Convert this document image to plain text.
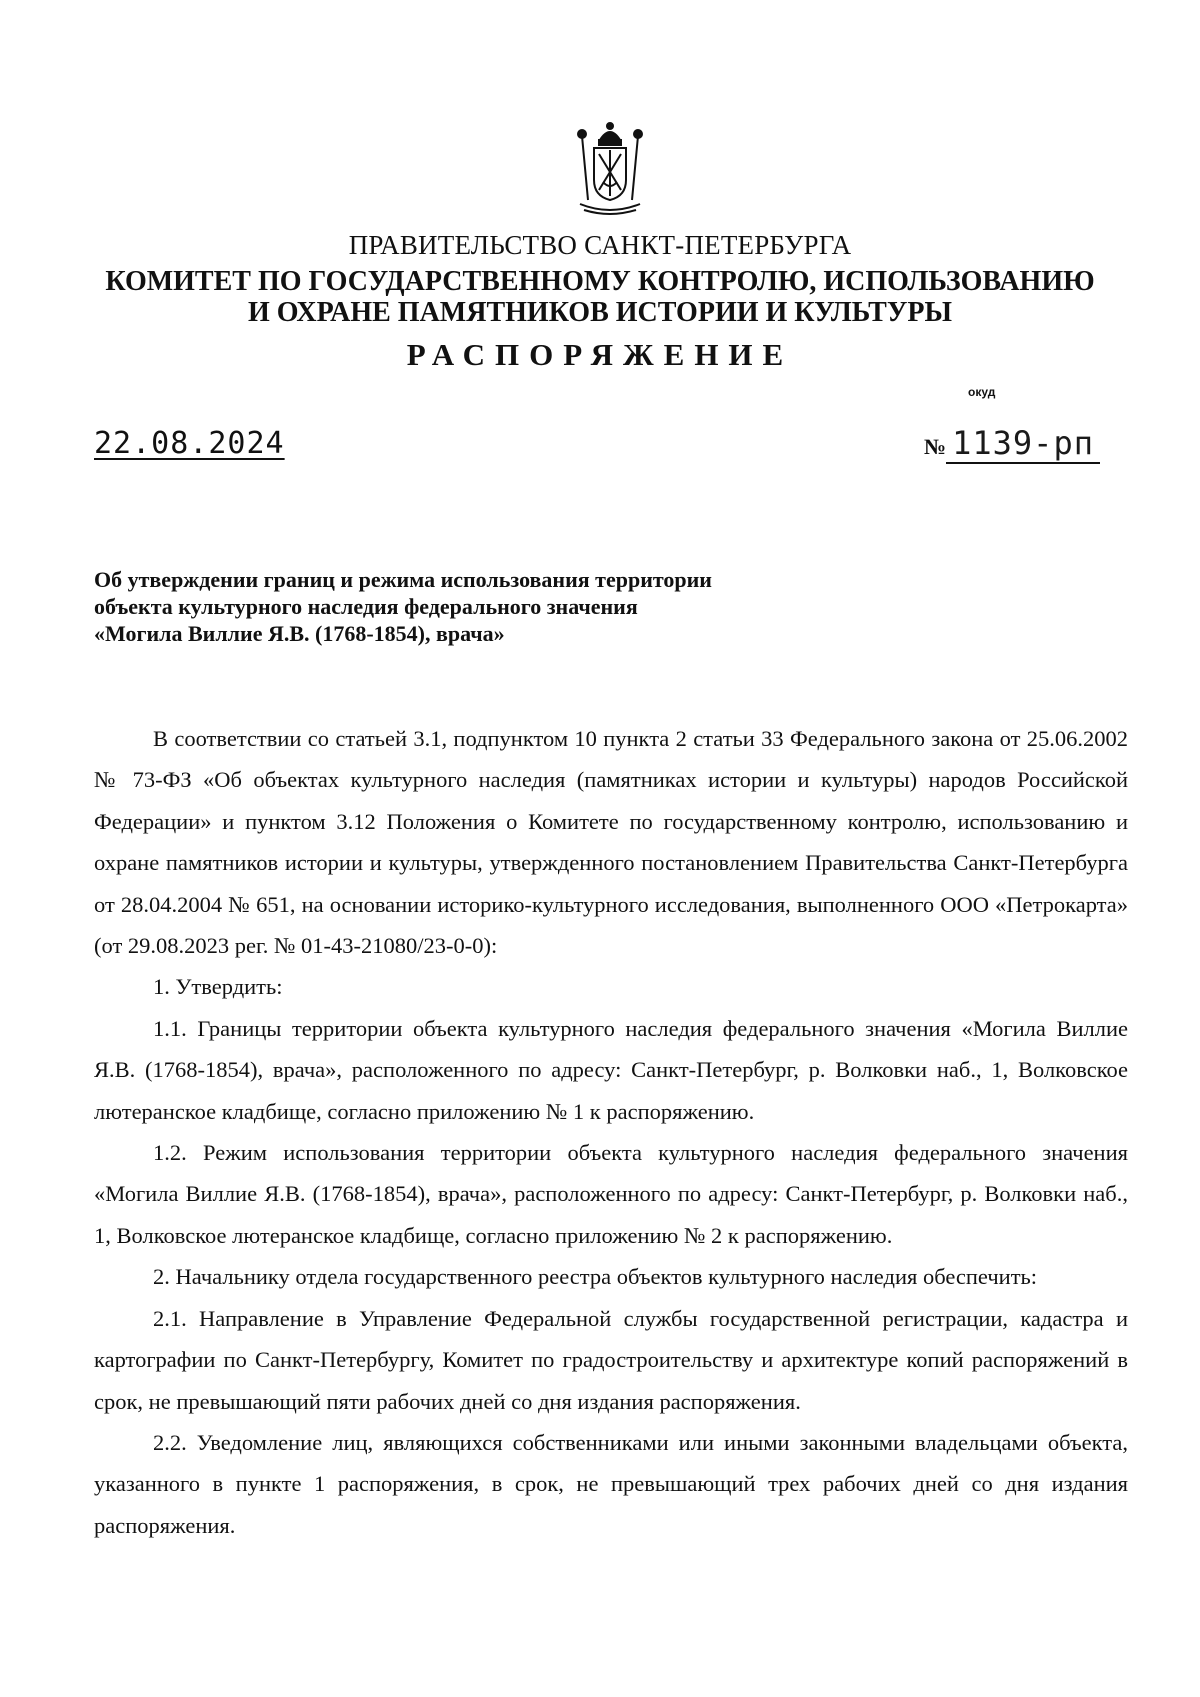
ПРАВИТЕЛЬСТВО САНКТ-ПЕТЕРБУРГА
КОМИТЕТ ПО ГОСУДАРСТВЕННОМУ КОНТРОЛЮ, ИСПОЛЬЗОВАНИЮ
И ОХРАНЕ ПАМЯТНИКОВ ИСТОРИИ И КУЛЬТУРЫ
РАСПОРЯЖЕНИЕ
окуд
22.08.2024	№ 1139-рп
Об утверждении границ и режима использования территории
объекта культурного наследия федерального значения
«Могила Виллие Я.В. (1768-1854), врача»

В соответствии со статьей 3.1, подпунктом 10 пункта 2 статьи 33 Федерального закона от 25.06.2002 № 73-ФЗ «Об объектах культурного наследия (памятниках истории и культуры) народов Российской Федерации» и пунктом 3.12 Положения о Комитете по государственному контролю, использованию и охране памятников истории и культуры, утвержденного постановлением Правительства Санкт-Петербурга от 28.04.2004 № 651, на основании историко-культурного исследования, выполненного ООО «Петрокарта» (от 29.08.2023 рег. № 01-43-21080/23-0-0):

1. Утвердить:

1.1. Границы территории объекта культурного наследия федерального значения «Могила Виллие Я.В. (1768-1854), врача», расположенного по адресу: Санкт-Петербург, р. Волковки наб., 1, Волковское лютеранское кладбище, согласно приложению № 1 к распоряжению.

1.2. Режим использования территории объекта культурного наследия федерального значения «Могила Виллие Я.В. (1768-1854), врача», расположенного по адресу: Санкт-Петербург, р. Волковки наб., 1, Волковское лютеранское кладбище, согласно приложению № 2 к распоряжению.

2. Начальнику отдела государственного реестра объектов культурного наследия обеспечить:

2.1. Направление в Управление Федеральной службы государственной регистрации, кадастра и картографии по Санкт-Петербургу, Комитет по градостроительству и архитектуре копий распоряжений в срок, не превышающий пяти рабочих дней со дня издания распоряжения.

2.2. Уведомление лиц, являющихся собственниками или иными законными владельцами объекта, указанного в пункте 1 распоряжения, в срок, не превышающий трех рабочих дней со дня издания распоряжения.
